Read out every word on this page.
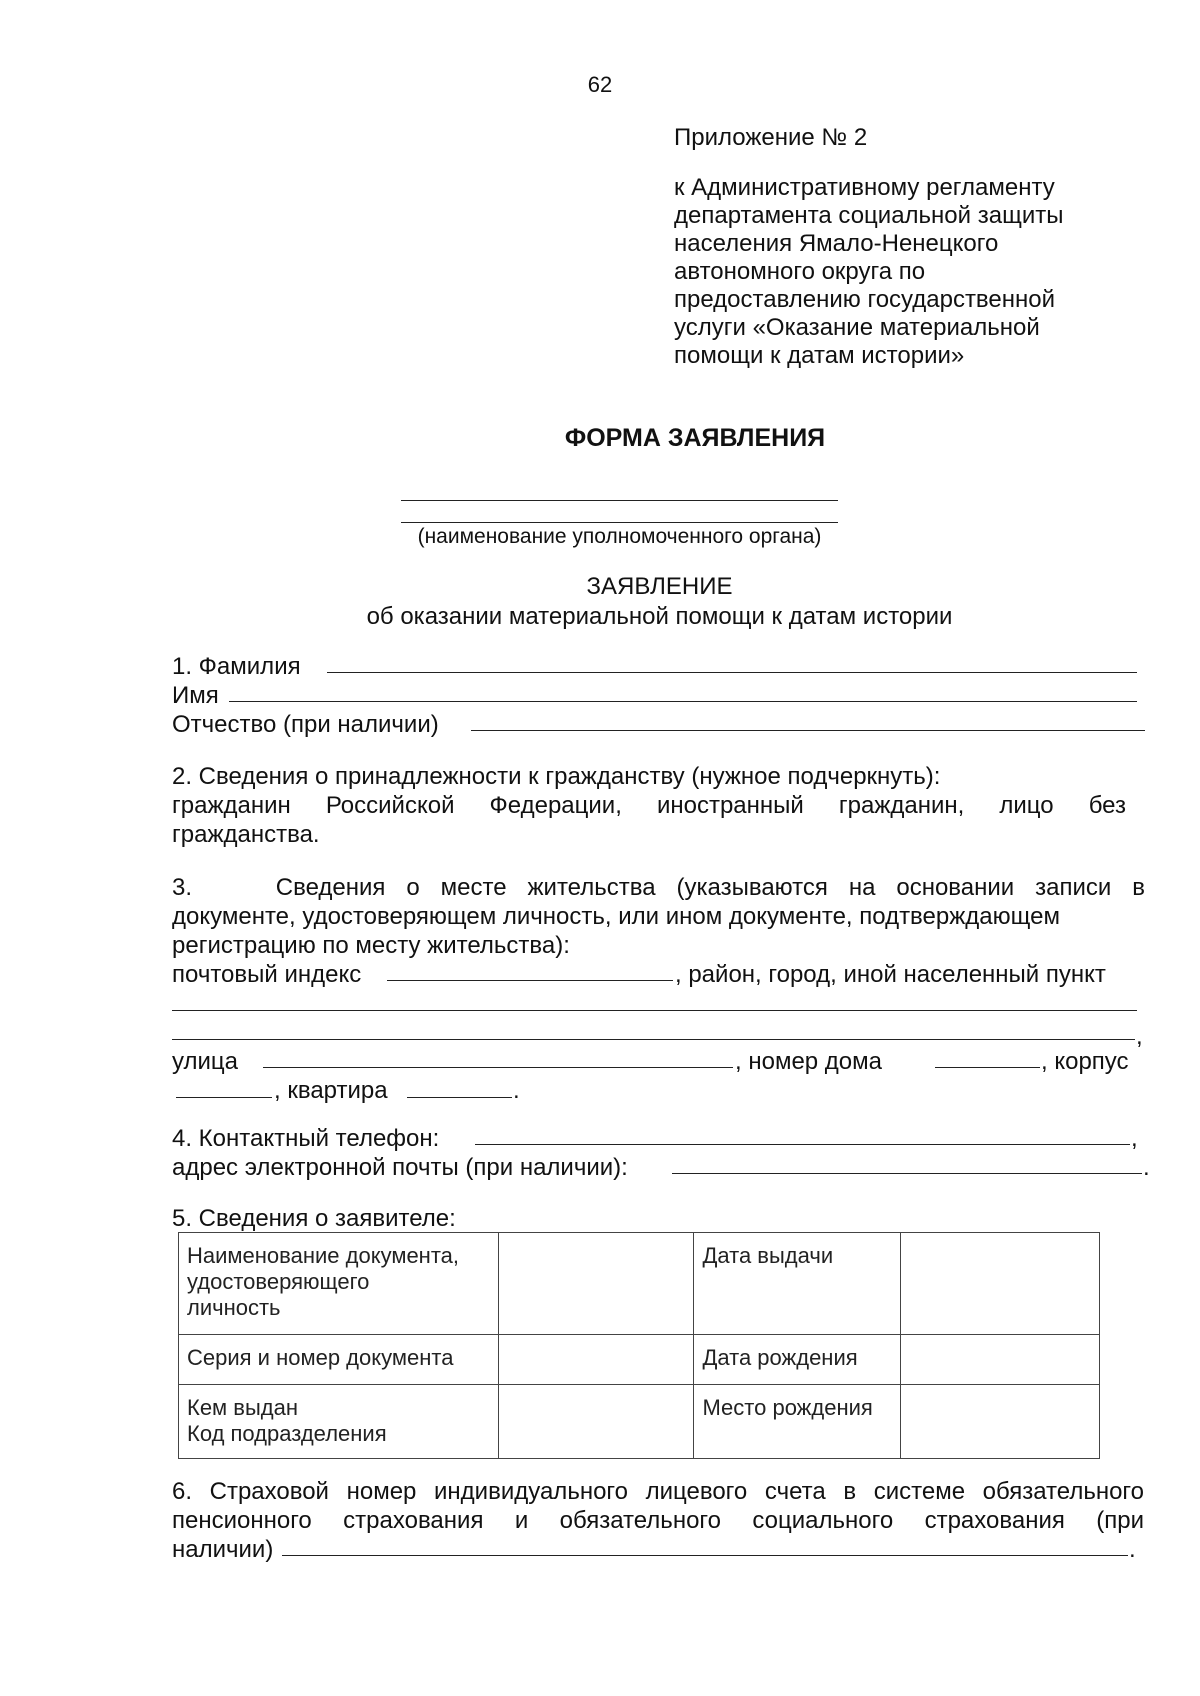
62
Приложение № 2
к Административному регламенту
департамента социальной защиты
населения Ямало-Ненецкого
автономного округа по
предоставлению государственной
услуги «Оказание материальной
помощи к датам истории»
ФОРМА ЗАЯВЛЕНИЯ
(наименование уполномоченного органа)
ЗАЯВЛЕНИЕ
об оказании материальной помощи к датам истории
1. Фамилия
Имя
Отчество (при наличии)
2. Сведения о принадлежности к гражданству (нужное подчеркнуть):
гражданин Российской Федерации, иностранный гражданин, лицо без
гражданства.
3.    Сведения о месте жительства (указываются на основании записи в
документе, удостоверяющем личность, или ином документе, подтверждающем
регистрацию по месту жительства):
почтовый индекс	, район, город, иной населенный пункт
,
улица	, номер дома	, корпус
, квартира	.
4. Контактный телефон:	,
адрес электронной почты (при наличии):	.
5. Сведения о заявителе:
Наименование документа,
удостоверяющего
личность		Дата выдачи	

Серия и номер документа		Дата рождения	

Кем выдан
Код подразделения		Место рождения	

6. Страховой номер индивидуального лицевого счета в системе обязательного
пенсионного страхования и обязательного социального страхования (при
наличии)	.
